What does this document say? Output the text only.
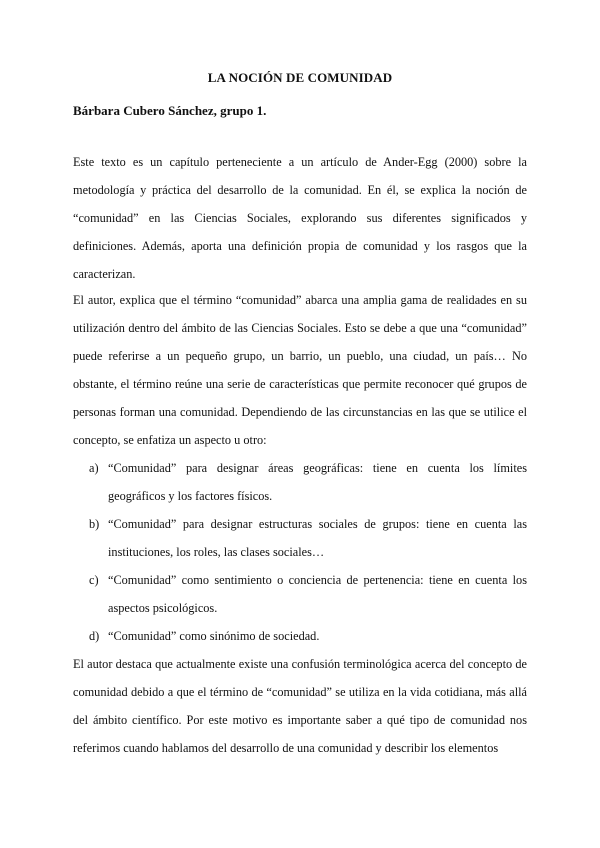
LA NOCIÓN DE COMUNIDAD
Bárbara Cubero Sánchez, grupo 1.

Este texto es un capítulo perteneciente a un artículo de Ander-Egg (2000) sobre la metodología y práctica del desarrollo de la comunidad. En él, se explica la noción de “comunidad” en las Ciencias Sociales, explorando sus diferentes significados y definiciones. Además, aporta una definición propia de comunidad y los rasgos que la caracterizan.

El autor, explica que el término “comunidad” abarca una amplia gama de realidades en su utilización dentro del ámbito de las Ciencias Sociales. Esto se debe a que una “comunidad” puede referirse a un pequeño grupo, un barrio, un pueblo, una ciudad, un país… No obstante, el término reúne una serie de características que permite reconocer qué grupos de personas forman una comunidad. Dependiendo de las circunstancias en las que se utilice el concepto, se enfatiza un aspecto u otro:

a) “Comunidad” para designar áreas geográficas: tiene en cuenta los límites geográficos y los factores físicos.
b) “Comunidad” para designar estructuras sociales de grupos: tiene en cuenta las instituciones, los roles, las clases sociales…
c) “Comunidad” como sentimiento o conciencia de pertenencia: tiene en cuenta los aspectos psicológicos.
d) “Comunidad” como sinónimo de sociedad.

El autor destaca que actualmente existe una confusión terminológica acerca del concepto de comunidad debido a que el término de “comunidad” se utiliza en la vida cotidiana, más allá del ámbito científico. Por este motivo es importante saber a qué tipo de comunidad nos referimos cuando hablamos del desarrollo de una comunidad y describir los elementos
